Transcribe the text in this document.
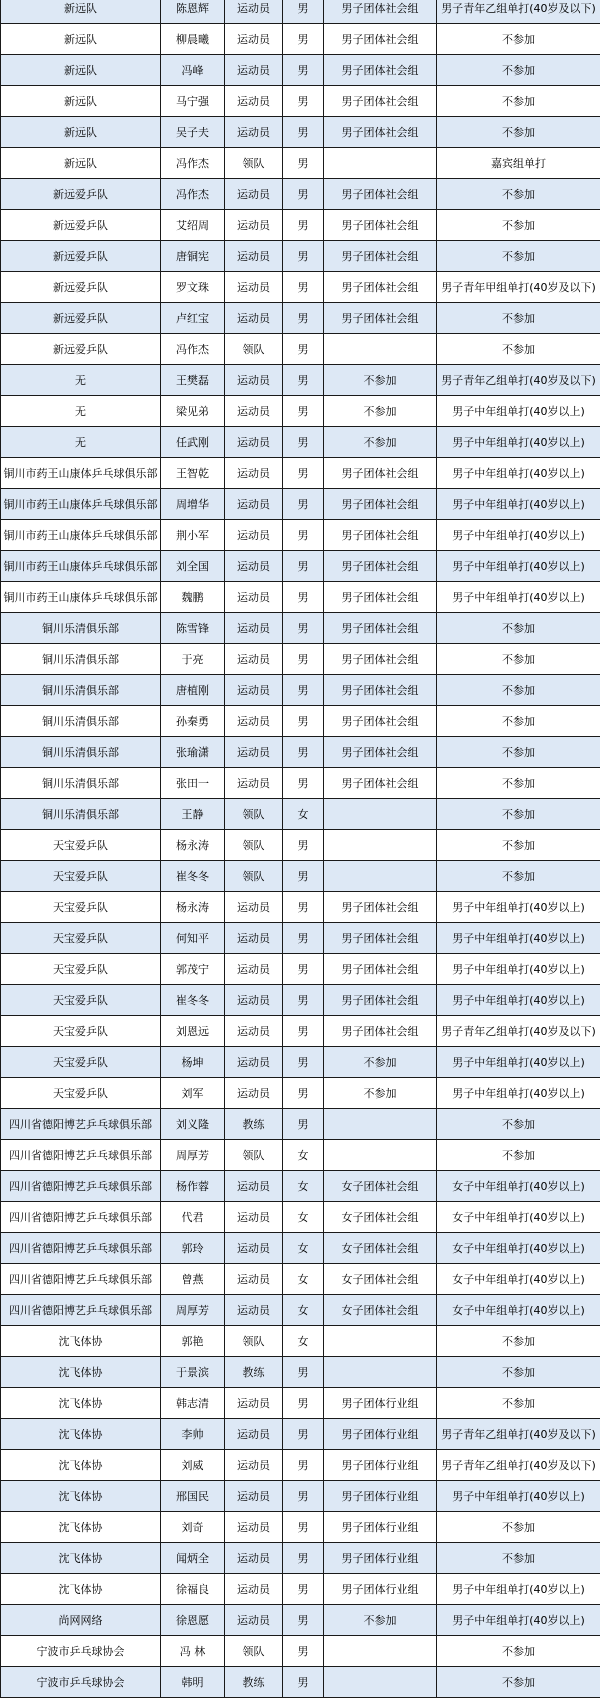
新远队	陈恩辉	运动员	男	男子团体社会组	男子青年乙组单打(40岁及以下)
新远队	柳晨曦	运动员	男	男子团体社会组	不参加
新远队	冯峰	运动员	男	男子团体社会组	不参加
新远队	马宁强	运动员	男	男子团体社会组	不参加
新远队	吴子夫	运动员	男	男子团体社会组	不参加
新远队	冯作杰	领队	男		嘉宾组单打
新远爱乒队	冯作杰	运动员	男	男子团体社会组	不参加
新远爱乒队	艾绍周	运动员	男	男子团体社会组	不参加
新远爱乒队	唐铜宪	运动员	男	男子团体社会组	不参加
新远爱乒队	罗文珠	运动员	男	男子团体社会组	男子青年甲组单打(40岁及以下)
新远爱乒队	卢红宝	运动员	男	男子团体社会组	不参加
新远爱乒队	冯作杰	领队	男		不参加
无	王樊磊	运动员	男	不参加	男子青年乙组单打(40岁及以下)
无	梁见弟	运动员	男	不参加	男子中年组单打(40岁以上)
无	任武刚	运动员	男	不参加	男子中年组单打(40岁以上)
铜川市药王山康体乒乓球俱乐部	王智乾	运动员	男	男子团体社会组	男子中年组单打(40岁以上)
铜川市药王山康体乒乓球俱乐部	周增华	运动员	男	男子团体社会组	男子中年组单打(40岁以上)
铜川市药王山康体乒乓球俱乐部	荆小军	运动员	男	男子团体社会组	男子中年组单打(40岁以上)
铜川市药王山康体乒乓球俱乐部	刘全国	运动员	男	男子团体社会组	男子中年组单打(40岁以上)
铜川市药王山康体乒乓球俱乐部	魏鹏	运动员	男	男子团体社会组	男子中年组单打(40岁以上)
铜川乐清俱乐部	陈雪锋	运动员	男	男子团体社会组	不参加
铜川乐清俱乐部	于亮	运动员	男	男子团体社会组	不参加
铜川乐清俱乐部	唐植刚	运动员	男	男子团体社会组	不参加
铜川乐清俱乐部	孙秦勇	运动员	男	男子团体社会组	不参加
铜川乐清俱乐部	张瑜潇	运动员	男	男子团体社会组	不参加
铜川乐清俱乐部	张田一	运动员	男	男子团体社会组	不参加
铜川乐清俱乐部	王静	领队	女		不参加
天宝爱乒队	杨永涛	领队	男		不参加
天宝爱乒队	崔冬冬	领队	男		不参加
天宝爱乒队	杨永涛	运动员	男	男子团体社会组	男子中年组单打(40岁以上)
天宝爱乒队	何知平	运动员	男	男子团体社会组	男子中年组单打(40岁以上)
天宝爱乒队	郭茂宁	运动员	男	男子团体社会组	男子中年组单打(40岁以上)
天宝爱乒队	崔冬冬	运动员	男	男子团体社会组	男子中年组单打(40岁以上)
天宝爱乒队	刘恩远	运动员	男	男子团体社会组	男子青年乙组单打(40岁及以下)
天宝爱乒队	杨坤	运动员	男	不参加	男子中年组单打(40岁以上)
天宝爱乒队	刘军	运动员	男	不参加	男子中年组单打(40岁以上)
四川省德阳博艺乒乓球俱乐部	刘义隆	教练	男		不参加
四川省德阳博艺乒乓球俱乐部	周厚芳	领队	女		不参加
四川省德阳博艺乒乓球俱乐部	杨作蓉	运动员	女	女子团体社会组	女子中年组单打(40岁以上)
四川省德阳博艺乒乓球俱乐部	代君	运动员	女	女子团体社会组	女子中年组单打(40岁以上)
四川省德阳博艺乒乓球俱乐部	郭玲	运动员	女	女子团体社会组	女子中年组单打(40岁以上)
四川省德阳博艺乒乓球俱乐部	曾燕	运动员	女	女子团体社会组	女子中年组单打(40岁以上)
四川省德阳博艺乒乓球俱乐部	周厚芳	运动员	女	女子团体社会组	女子中年组单打(40岁以上)
沈飞体协	郭艳	领队	女		不参加
沈飞体协	于景滨	教练	男		不参加
沈飞体协	韩志清	运动员	男	男子团体行业组	不参加
沈飞体协	李帅	运动员	男	男子团体行业组	男子青年乙组单打(40岁及以下)
沈飞体协	刘威	运动员	男	男子团体行业组	男子青年乙组单打(40岁及以下)
沈飞体协	邢国民	运动员	男	男子团体行业组	男子中年组单打(40岁以上)
沈飞体协	刘奇	运动员	男	男子团体行业组	不参加
沈飞体协	闻炳全	运动员	男	男子团体行业组	不参加
沈飞体协	徐福良	运动员	男	男子团体行业组	男子中年组单打(40岁以上)
尚网网络	徐恩愿	运动员	男	不参加	男子中年组单打(40岁以上)
宁波市乒乓球协会	冯 林	领队	男		不参加
宁波市乒乓球协会	韩明	教练	男		不参加
